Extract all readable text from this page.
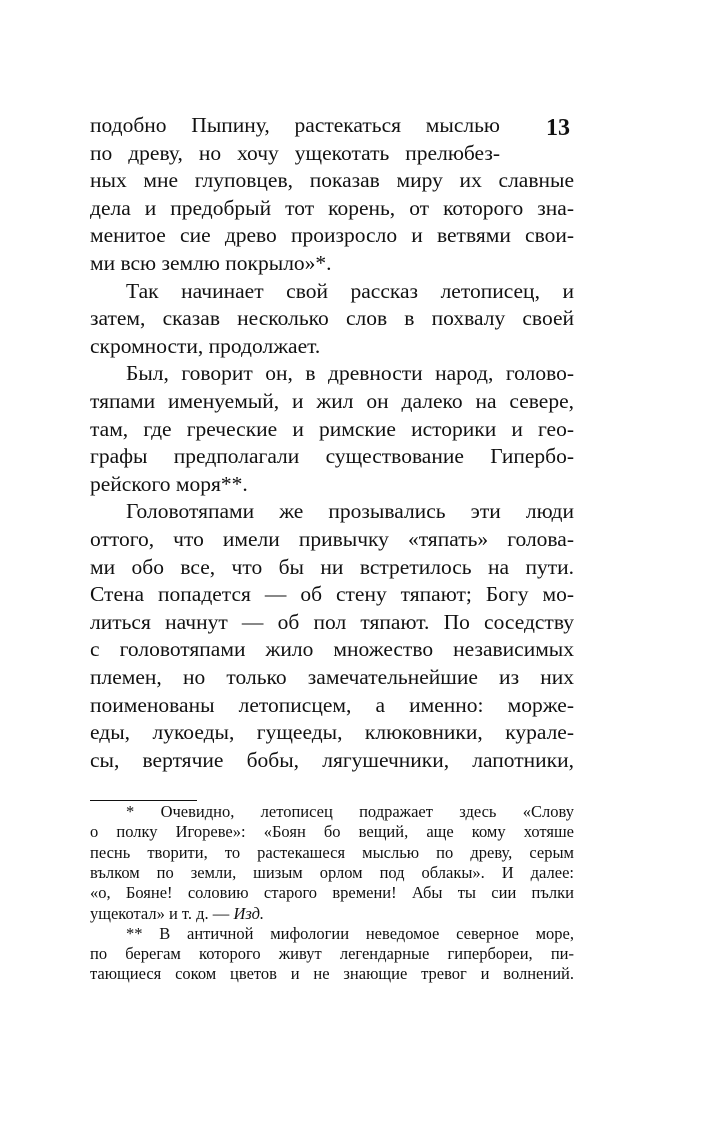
13
подобно Пыпину, растекаться мыслью
по древу, но хочу ущекотать прелюбез-
ных мне глуповцев, показав миру их славные
дела и предобрый тот корень, от которого зна-
менитое сие древо произросло и ветвями свои-
ми всю землю покрыло»*.
Так начинает свой рассказ летописец, и
затем, сказав несколько слов в похвалу своей
скромности, продолжает.
Был, говорит он, в древности народ, голово-
тяпами именуемый, и жил он далеко на севере,
там, где греческие и римские историки и гео-
графы предполагали существование Гипербо-
рейского моря**.
Головотяпами же прозывались эти люди
оттого, что имели привычку «тяпать» голова-
ми обо все, что бы ни встретилось на пути.
Стена попадется — об стену тяпают; Богу мо-
литься начнут — об пол тяпают. По соседству
с головотяпами жило множество независимых
племен, но только замечательнейшие из них
поименованы летописцем, а именно: морже-
еды, лукоеды, гущееды, клюковники, курале-
сы, вертячие бобы, лягушечники, лапотники,
* Очевидно, летописец подражает здесь «Слову
о полку Игореве»: «Боян бо вещий, аще кому хотяше
песнь творити, то растекашеся мыслью по древу, серым
вълком по земли, шизым орлом под облакы». И далее:
«о, Бояне! соловию старого времени! Абы ты сии пълки
ущекотал» и т. д. — Изд.
** В античной мифологии неведомое северное море,
по берегам которого живут легендарные гипербореи, пи-
тающиеся соком цветов и не знающие тревог и волнений.
